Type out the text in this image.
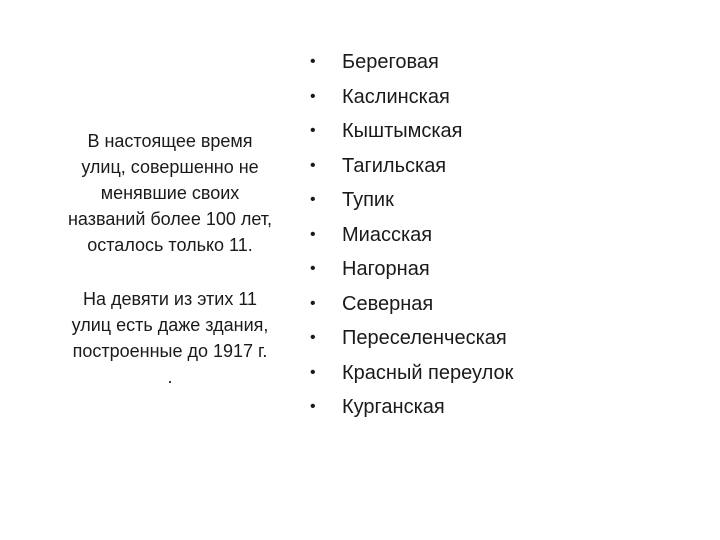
В настоящее время
улиц, совершенно не
менявшие своих
названий более 100 лет,
осталось только 11.

На девяти из этих 11
улиц есть даже здания,
построенные до 1917 г.
.

•	Береговая
•	Каслинская
•	Кыштымская
•	Тагильская
•	Тупик
•	Миасская
•	Нагорная
•	Северная
•	Переселенческая
•	Красный переулок
•	Курганская
